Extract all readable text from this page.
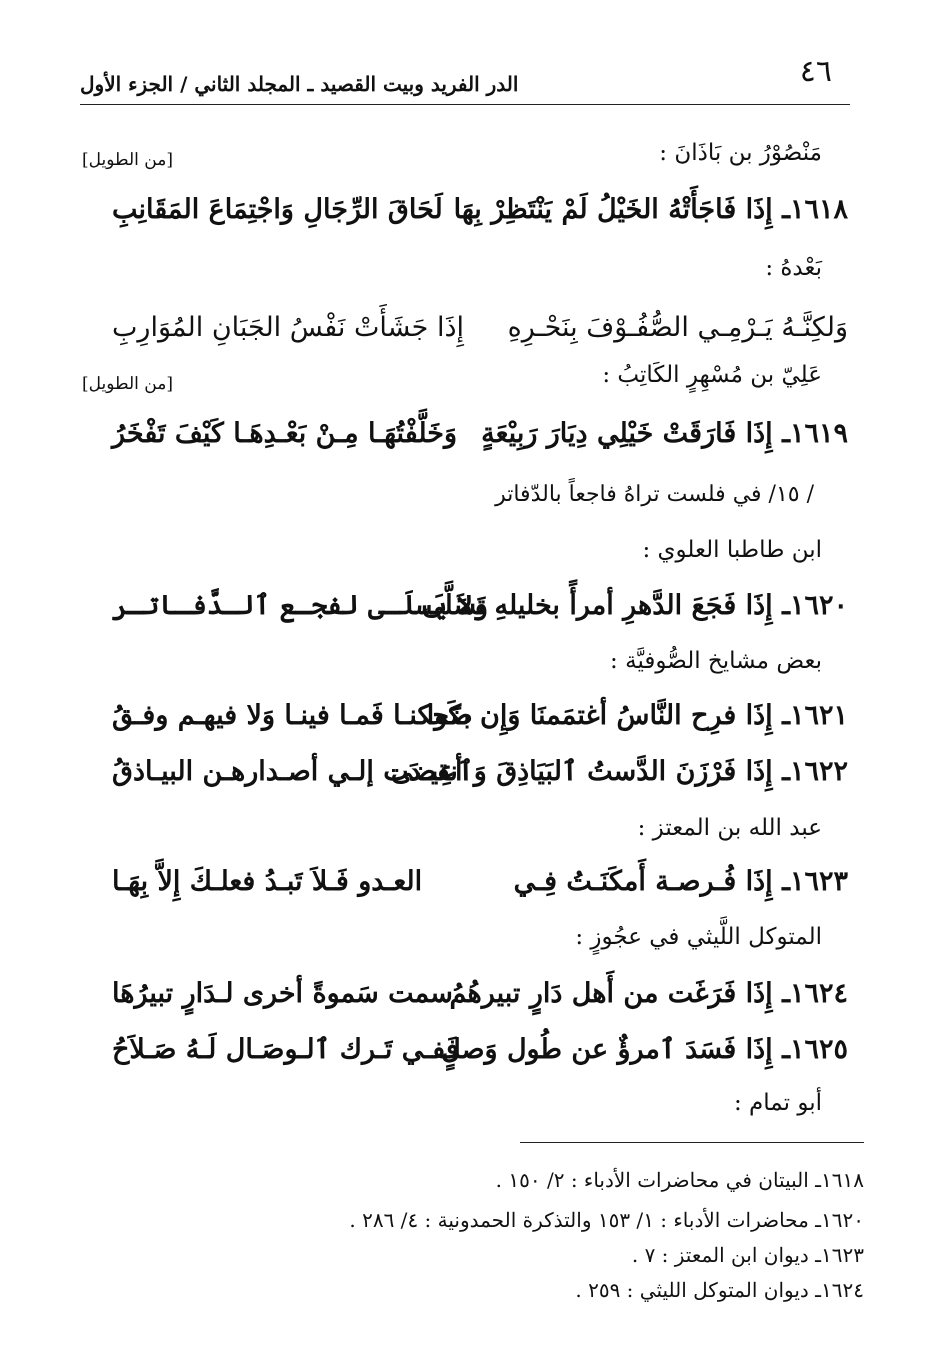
٤٦
الدر الفريد وبيت القصيد ـ المجلد الثاني / الجزء الأول
مَنْصُوْرُ بن بَاذَانَ :
[من الطويل]
١٦١٨ـ إِذَا فَاجَأَتْهُ الخَيْلُ لَمْ يَنْتَظِرْ بِهَا
لَحَاقَ الرِّجَالِ وَاجْتِمَاعَ المَقَانِبِ
بَعْدهُ :
وَلكِنَّـهُ يَـرْمِـي الصُّفُـوْفَ بِنَحْـرِهِ
إِذَا جَشَأَتْ نَفْسُ الجَبَانِ المُوَارِبِ
عَلِيّ بن مُسْهِرٍ الكَاتِبُ :
[من الطويل]
١٦١٩ـ إِذَا فَارَقَتْ خَيْلِي دِيَارَ رَبِيْعَةٍ
وَخَلَّفْتُهَـا مِـنْ بَعْـدِهَـا كَيْفَ تَفْخَرُ
/ ١٥/ في فلست تراهُ فاجعاً بالدّفاتر
ابن طاطبا العلوي :
١٦٢٠ـ إِذَا فَجَعَ الدَّهرِ أمرأً بخليلهِ تَسَلَّى
ولاَ يَسلَـى لفجـع ٱلـدَّفـاتـر
بعض مشايخ الصُّوفيَّة :
١٦٢١ـ إِذَا فرِح النَّاسُ أغتمَمنَا وَإِن بكَوا
ضَحكنـا فَمـا فينـا وَلا فيهـم وفـقُ
١٦٢٢ـ إِذَا فَرْزَنَ الدَّستُ ٱلبَيَاذِقَ وَٱنقضى
أعِيـدَت إلـي أصـدارهـن البيـاذقُ
عبد الله بن المعتز :
١٦٢٣ـ إِذَا فُـرصـة أَمكَنَـتُ فِـي
العـدو فَـلاَ تَبـدُ فعلـكَ إِلاَّ بِهَـا
المتوكل اللَّيثي في عجُوزٍ :
١٦٢٤ـ إِذَا فَرَغَت من أَهل دَارٍ تبيرهُمُ
سمت سَموةً أخرى لـدَارٍ تبيرُهَا
١٦٢٥ـ إِذَا فَسَدَ ٱمرؤٌ عن طُول وَصلٍ
فَفـي تَـرك ٱلـوصَـال لَـهُ صَـلاَحُ
أبو تمام :
١٦١٨ـ البيتان في محاضرات الأدباء : ٢/ ١٥٠ .
١٦٢٠ـ محاضرات الأدباء : ١/ ١٥٣ والتذكرة الحمدونية : ٤/ ٢٨٦ .
١٦٢٣ـ ديوان ابن المعتز : ٧ .
١٦٢٤ـ ديوان المتوكل الليثي : ٢٥٩ .
